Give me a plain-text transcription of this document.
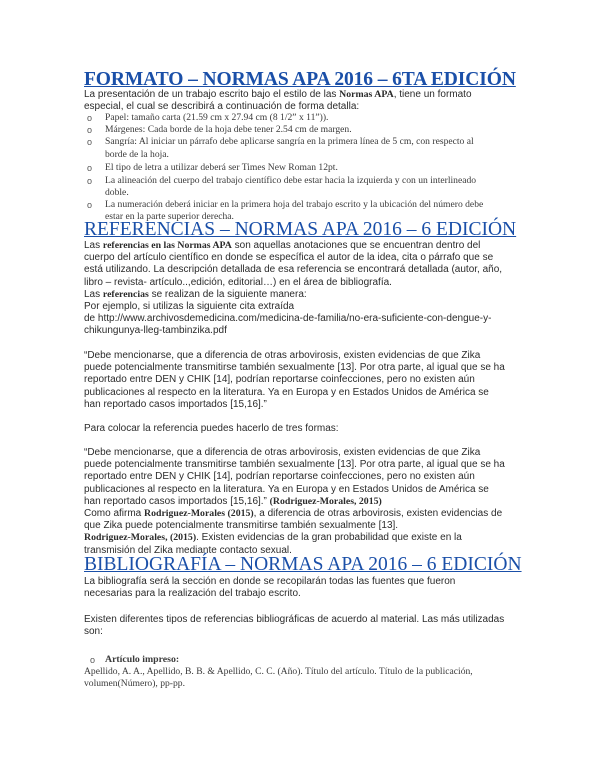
FORMATO – NORMAS APA 2016 – 6TA EDICIÓN
La presentación de un trabajo escrito bajo el estilo de las Normas APA, tiene un formato
especial, el cual se describirá a continuación de forma detalla:
o Papel: tamaño carta (21.59 cm x 27.94 cm (8 1/2” x 11”)).
o Márgenes: Cada borde de la hoja debe tener 2.54 cm de margen.
o Sangría: Al iniciar un párrafo debe aplicarse sangría en la primera línea de 5 cm, con respecto al
borde de la hoja.
o El tipo de letra a utilizar deberá ser Times New Roman 12pt.
o La alineación del cuerpo del trabajo científico debe estar hacia la izquierda y con un interlineado
doble.
o La numeración deberá iniciar en la primera hoja del trabajo escrito y la ubicación del número debe
estar en la parte superior derecha.
REFERENCIAS – NORMAS APA 2016 – 6 EDICIÓN
Las referencias en las Normas APA son aquellas anotaciones que se encuentran dentro del
cuerpo del artículo científico en donde se específica el autor de la idea, cita o párrafo que se
está utilizando. La descripción detallada de esa referencia se encontrará detallada (autor, año,
libro – revista- artículo..,edición, editorial…) en el área de bibliografía.
Las referencias se realizan de la siguiente manera:
Por ejemplo, si utilizas la siguiente cita extraída
de http://www.archivosdemedicina.com/medicina-de-familia/no-era-suficiente-con-dengue-y-
chikungunya-lleg-tambinzika.pdf
“Debe mencionarse, que a diferencia de otras arbovirosis, existen evidencias de que Zika
puede potencialmente transmitirse también sexualmente [13]. Por otra parte, al igual que se ha
reportado entre DEN y CHIK [14], podrían reportarse coinfecciones, pero no existen aún
publicaciones al respecto en la literatura. Ya en Europa y en Estados Unidos de América se
han reportado casos importados [15,16].”
Para colocar la referencia puedes hacerlo de tres formas:
“Debe mencionarse, que a diferencia de otras arbovirosis, existen evidencias de que Zika
puede potencialmente transmitirse también sexualmente [13]. Por otra parte, al igual que se ha
reportado entre DEN y CHIK [14], podrían reportarse coinfecciones, pero no existen aún
publicaciones al respecto en la literatura. Ya en Europa y en Estados Unidos de América se
han reportado casos importados [15,16].” (Rodriguez-Morales, 2015)
Como afirma Rodriguez-Morales (2015), a diferencia de otras arbovirosis, existen evidencias de
que Zika puede potencialmente transmitirse también sexualmente [13].
Rodriguez-Morales, (2015). Existen evidencias de la gran probabilidad que existe en la
transmisión del Zika mediante contacto sexual.
BIBLIOGRAFÍA – NORMAS APA 2016 – 6 EDICIÓN
La bibliografía será la sección en donde se recopilarán todas las fuentes que fueron
necesarias para la realización del trabajo escrito.
Existen diferentes tipos de referencias bibliográficas de acuerdo al material. Las más utilizadas
son:
o Artículo impreso:
Apellido, A. A., Apellido, B. B. & Apellido, C. C. (Año). Título del artículo. Título de la publicación,
volumen(Número), pp-pp.
